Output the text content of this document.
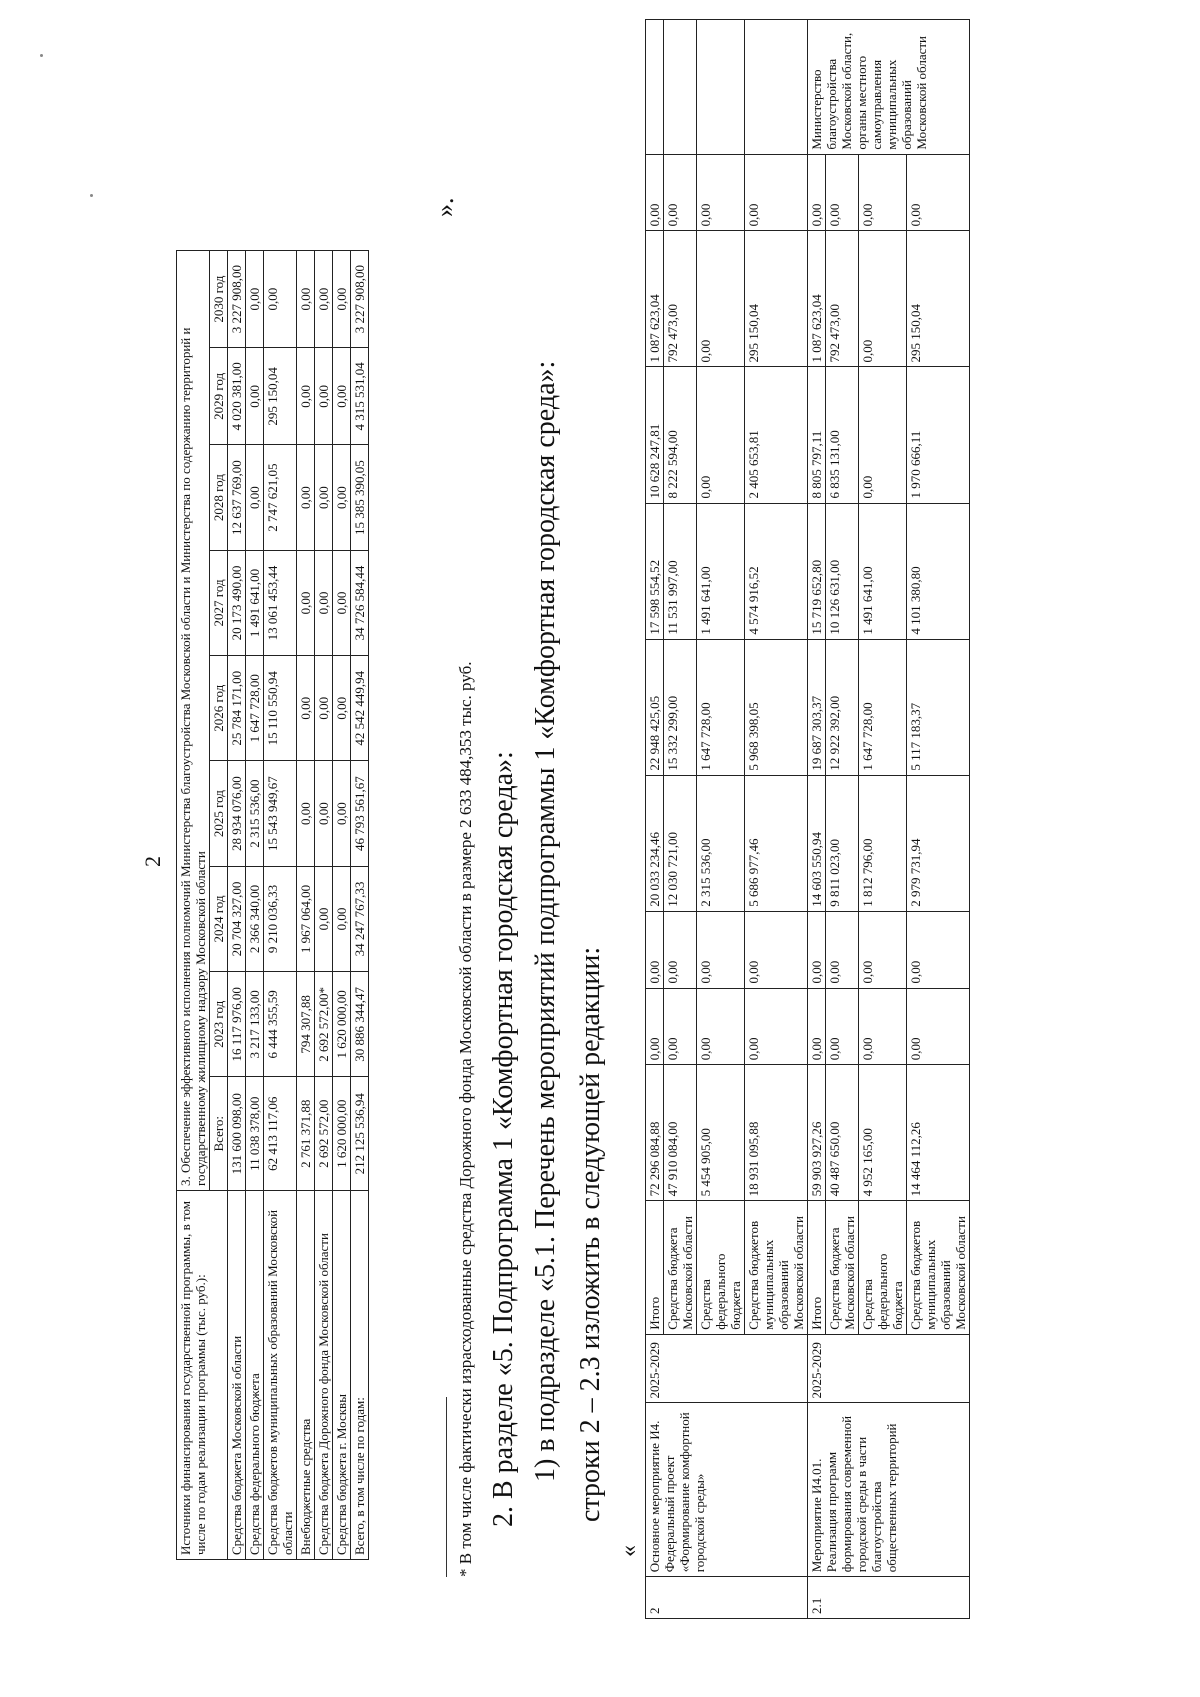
2
Источники финансирования государственной программы, в том числе по годам реализации программы (тыс. руб.):	3. Обеспечение эффективного исполнения полномочий Министерства благоустройства Московской области и Министерства по содержанию территорий и государственному жилищному надзору Московской области								
	Всего:	2023 год	2024 год	2025 год	2026 год	2027 год	2028 год	2029 год	2030 год
Средства бюджета Московской области	131 600 098,00	16 117 976,00	20 704 327,00	28 934 076,00	25 784 171,00	20 173 490,00	12 637 769,00	4 020 381,00	3 227 908,00
Средства федерального бюджета	11 038 378,00	3 217 133,00	2 366 340,00	2 315 536,00	1 647 728,00	1 491 641,00	0,00	0,00	0,00
Средства бюджетов муниципальных образований Московской области	62 413 117,06	6 444 355,59	9 210 036,33	15 543 949,67	15 110 550,94	13 061 453,44	2 747 621,05	295 150,04	0,00
Внебюджетные средства	2 761 371,88	794 307,88	1 967 064,00	0,00	0,00	0,00	0,00	0,00	0,00
Средства бюджета Дорожного фонда Московской области	2 692 572,00	2 692 572,00*	0,00	0,00	0,00	0,00	0,00	0,00	0,00
Средства бюджета г. Москвы	1 620 000,00	1 620 000,00	0,00	0,00	0,00	0,00	0,00	0,00	0,00
Всего, в том числе по годам:	212 125 536,94	30 886 344,47	34 247 767,33	46 793 561,67	42 542 449,94	34 726 584,44	15 385 390,05	4 315 531,04	3 227 908,00
* В том числе фактически израсходованные средства Дорожного фонда Московской области в размере 2 633 484,353 тыс. руб.
».
2. В разделе «5. Подпрограмма 1 «Комфортная городская среда»: 1) в подразделе «5.1. Перечень мероприятий подпрограммы 1 «Комфортная городская среда»: строки 2 – 2.3 изложить в следующей редакции:
«
2	Основное мероприятие И4. Федеральный проект «Формирование комфортной городской среды»	2025-2029	Итого	72 296 084,88	0,00	0,00	20 033 234,46	22 948 425,05	17 598 554,52	10 628 247,81	1 087 623,04	0,00	
			Средства бюджета Московской области	47 910 084,00	0,00	0,00	12 030 721,00	15 332 299,00	11 531 997,00	8 222 594,00	792 473,00	0,00	
			Средства федерального бюджета	5 454 905,00	0,00	0,00	2 315 536,00	1 647 728,00	1 491 641,00	0,00	0,00	0,00	
			Средства бюджетов муниципальных образований Московской области	18 931 095,88	0,00	0,00	5 686 977,46	5 968 398,05	4 574 916,52	2 405 653,81	295 150,04	0,00	
2.1	Мероприятие И4.01. Реализация программ формирования современной городской среды в части благоустройства общественных территорий	2025-2029	Итого	59 903 927,26	0,00	0,00	14 603 550,94	19 687 303,37	15 719 652,80	8 805 797,11	1 087 623,04	0,00	Министерство благоустройства Московской области, органы местного самоуправления муниципальных образований Московской области
			Средства бюджета Московской области	40 487 650,00	0,00	0,00	9 811 023,00	12 922 392,00	10 126 631,00	6 835 131,00	792 473,00	0,00	
			Средства федерального бюджета	4 952 165,00	0,00	0,00	1 812 796,00	1 647 728,00	1 491 641,00	0,00	0,00	0,00	
			Средства бюджетов муниципальных образований Московской области	14 464 112,26	0,00	0,00	2 979 731,94	5 117 183,37	4 101 380,80	1 970 666,11	295 150,04	0,00	
